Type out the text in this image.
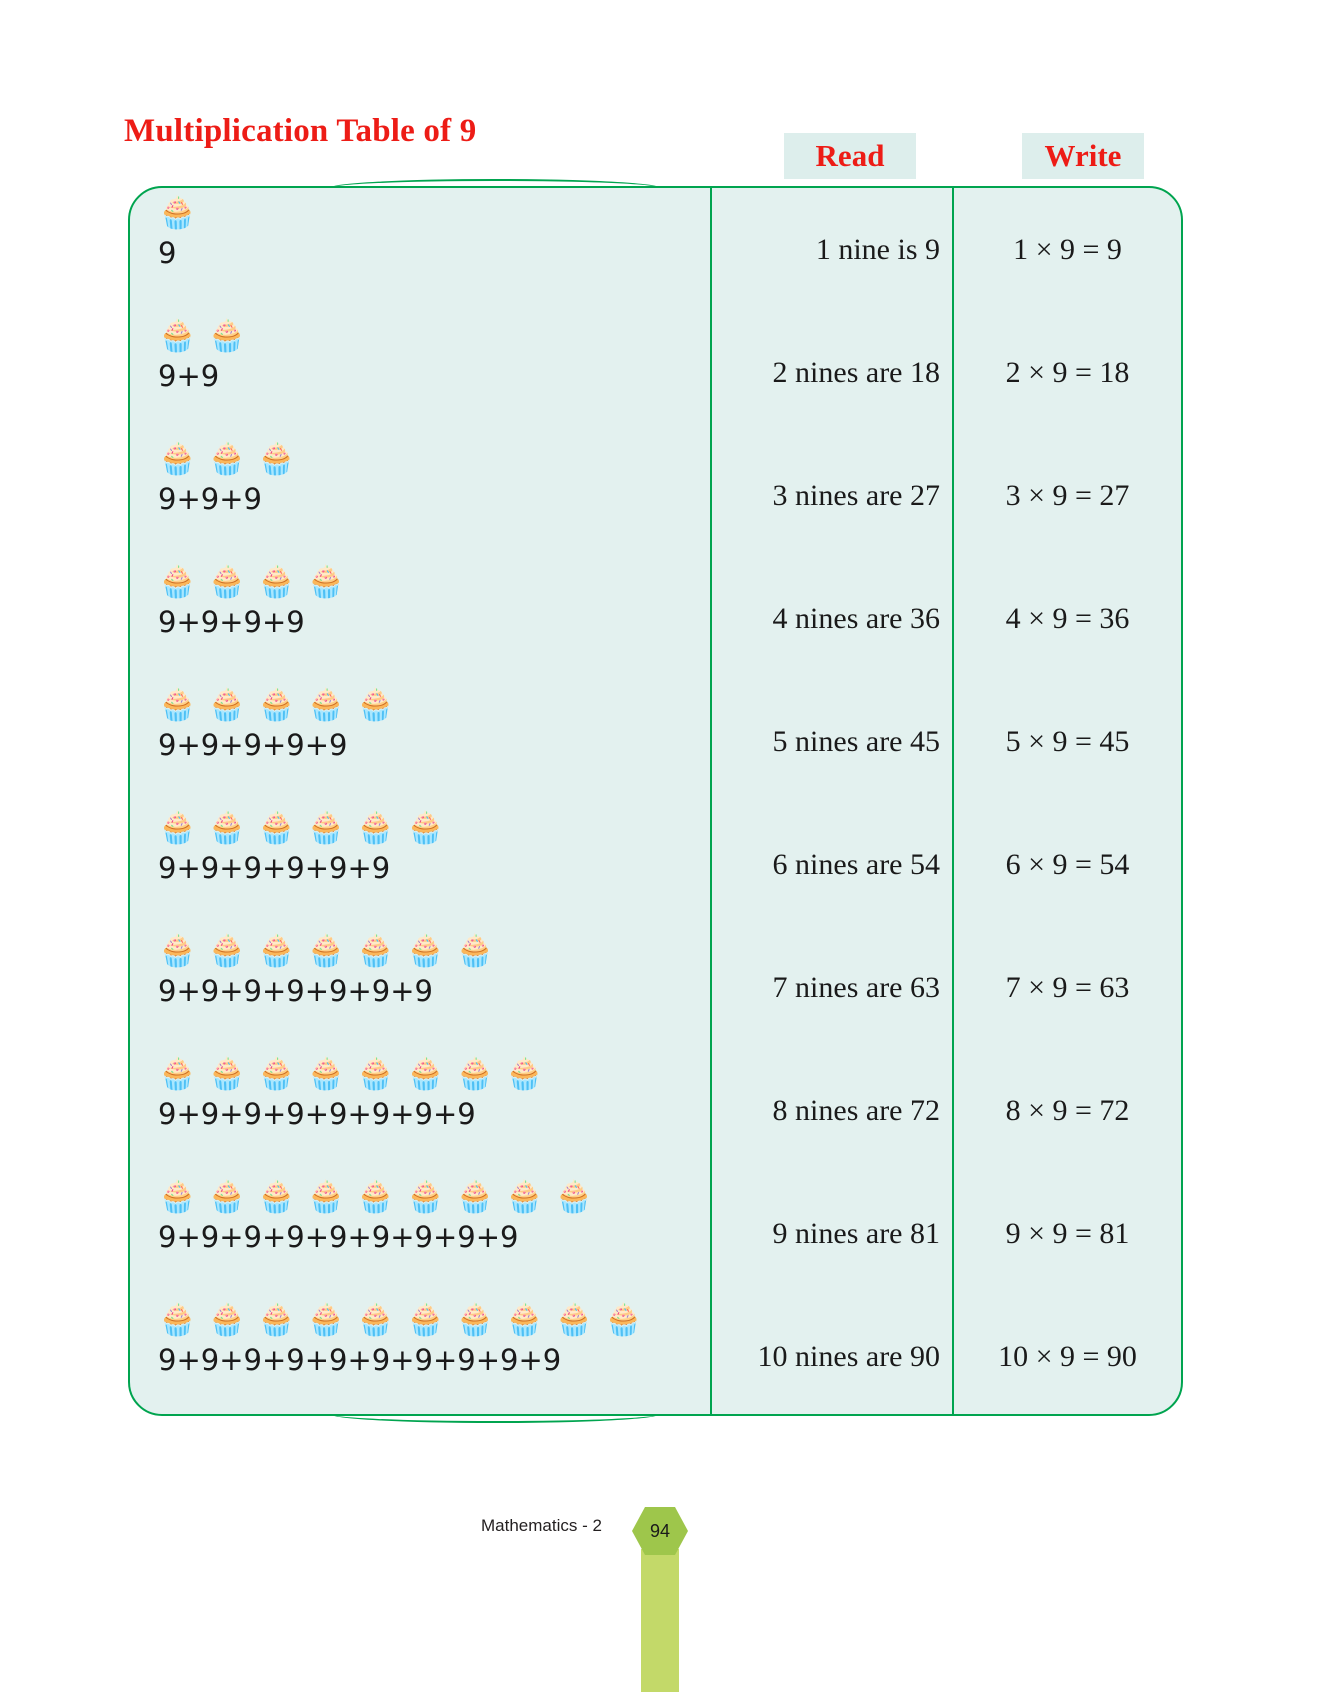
Multiplication Table of 9
Read	Write
🧁
9	1 nine is 9	1 × 9 = 9
🧁🧁
9+9	2 nines are 18	2 × 9 = 18
🧁🧁🧁
9+9+9	3 nines are 27	3 × 9 = 27
🧁🧁🧁🧁
9+9+9+9	4 nines are 36	4 × 9 = 36
🧁🧁🧁🧁🧁
9+9+9+9+9	5 nines are 45	5 × 9 = 45
🧁🧁🧁🧁🧁🧁
9+9+9+9+9+9	6 nines are 54	6 × 9 = 54
🧁🧁🧁🧁🧁🧁🧁
9+9+9+9+9+9+9	7 nines are 63	7 × 9 = 63
🧁🧁🧁🧁🧁🧁🧁🧁
9+9+9+9+9+9+9+9	8 nines are 72	8 × 9 = 72
🧁🧁🧁🧁🧁🧁🧁🧁🧁
9+9+9+9+9+9+9+9+9	9 nines are 81	9 × 9 = 81
🧁🧁🧁🧁🧁🧁🧁🧁🧁🧁
9+9+9+9+9+9+9+9+9+9	10 nines are 90	10 × 9 = 90
Mathematics - 2	94
